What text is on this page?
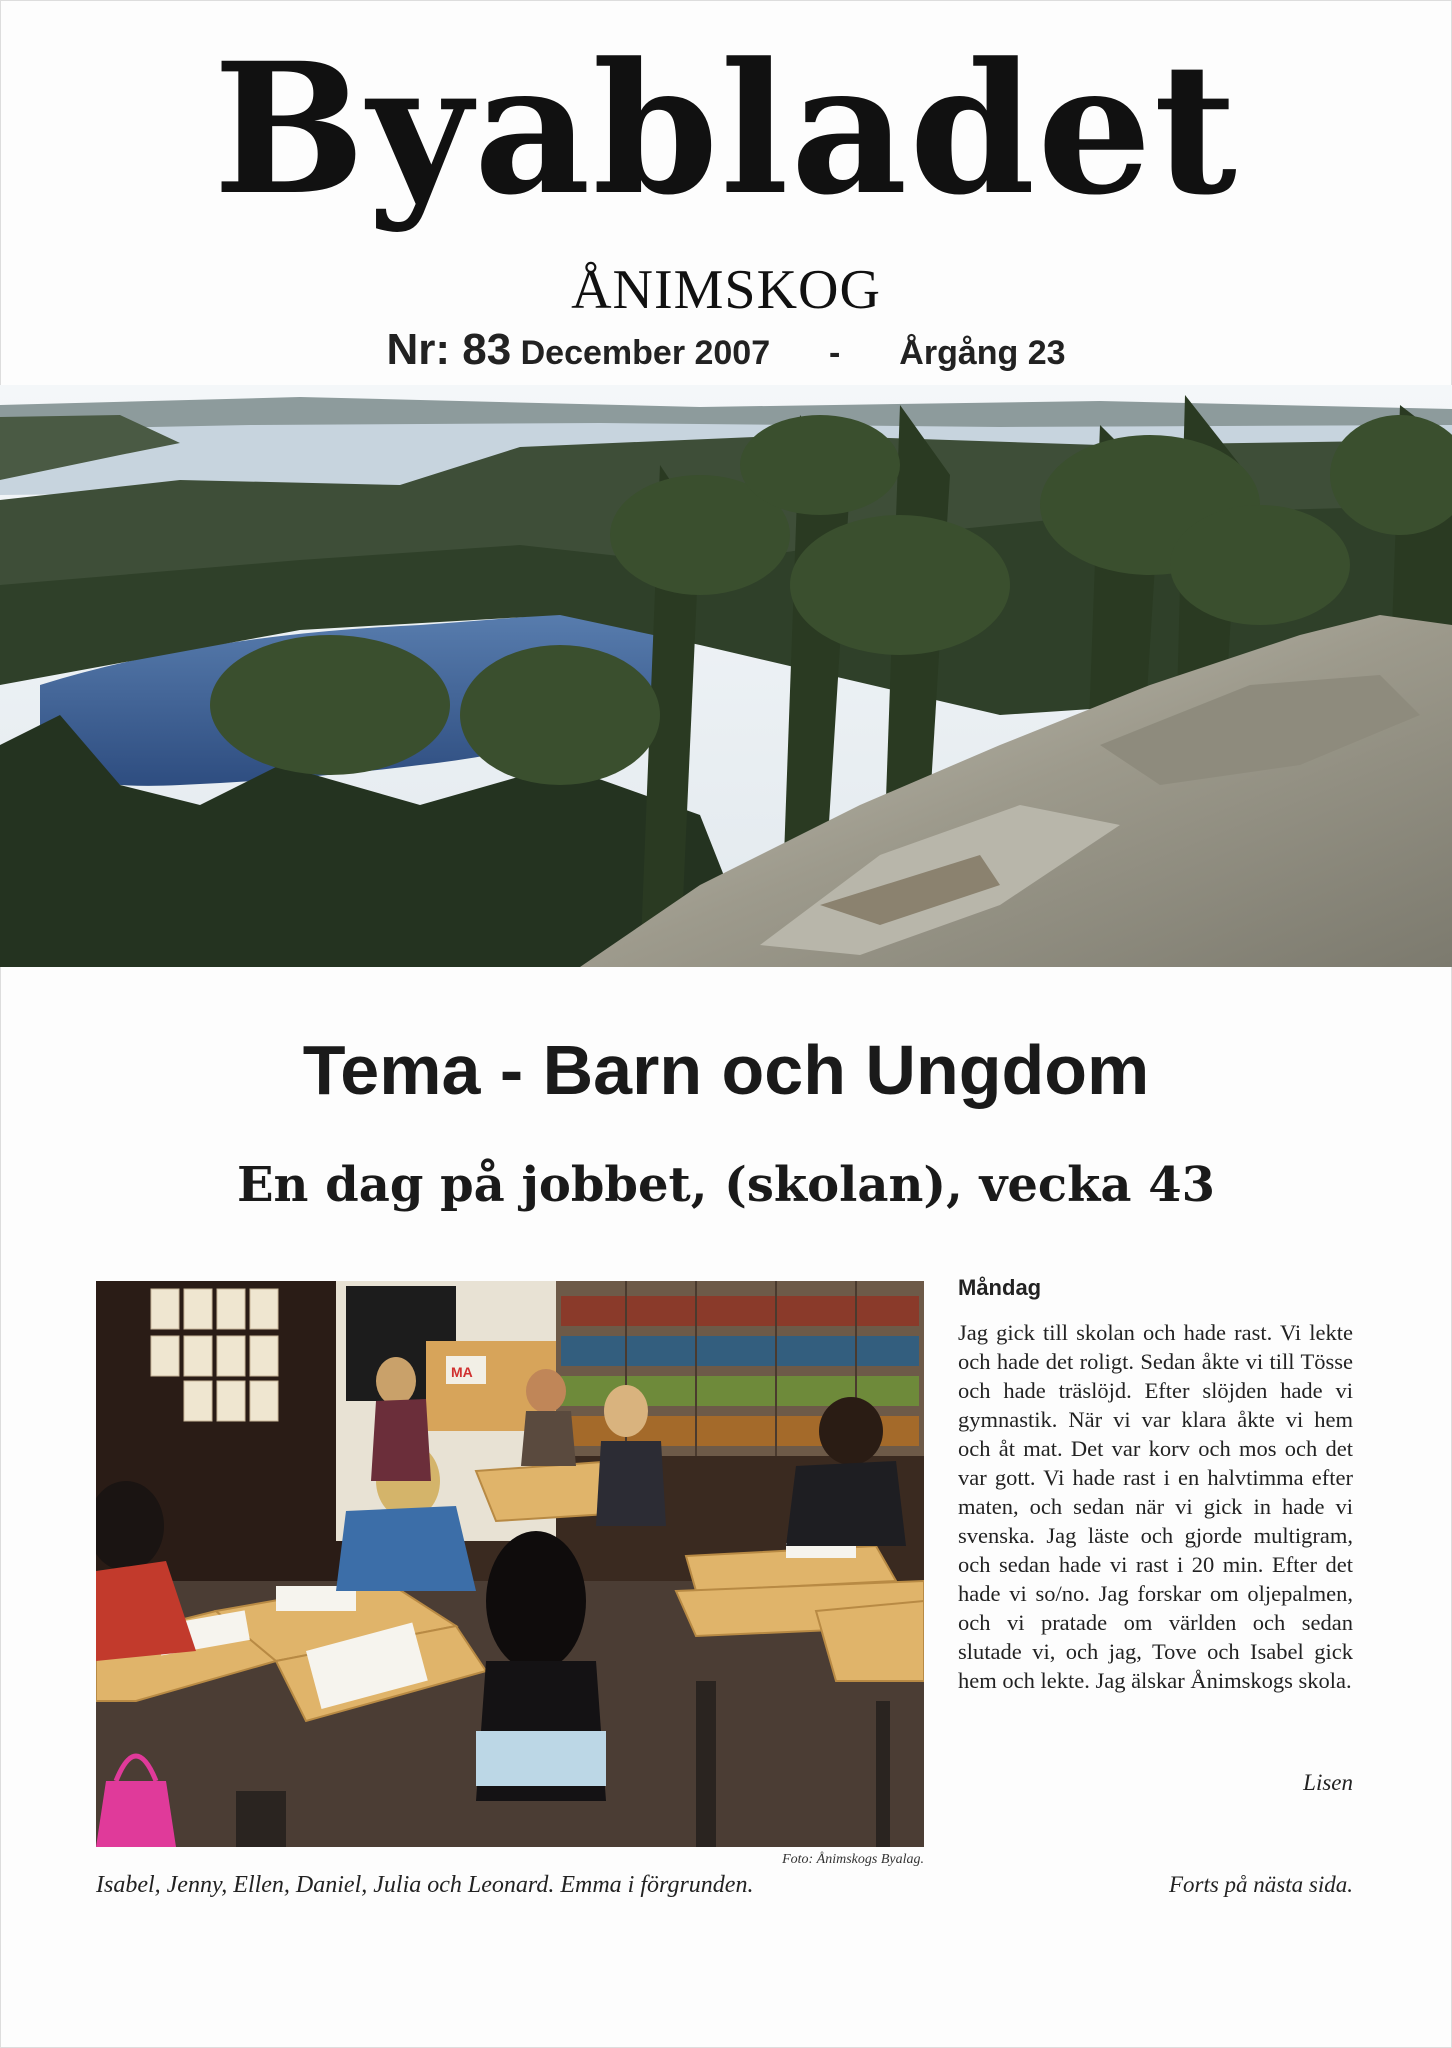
Byabladet
ÅNIMSKOG
Nr: 83 December 2007 - Årgång 23
Tema - Barn och Ungdom
En dag på jobbet, (skolan), vecka 43
MA
Foto: Ånimskogs Byalag.
Isabel, Jenny, Ellen, Daniel, Julia och Leonard. Emma i förgrunden.
Måndag

Jag gick till skolan och hade rast. Vi lekte och hade det roligt. Sedan åkte vi till Tösse och hade träslöjd. Efter slöjden hade vi gymnastik. När vi var klara åkte vi hem och åt mat. Det var korv och mos och det var gott. Vi hade rast i en halvtimma efter maten, och sedan när vi gick in hade vi svenska. Jag läste och gjorde multigram, och sedan hade vi rast i 20 min. Efter det hade vi so/no. Jag forskar om oljepalmen, och vi pratade om världen och sedan slutade vi, och jag, Tove och Isabel gick hem och lekte. Jag älskar Ånimskogs skola.

Lisen
Forts på nästa sida.
